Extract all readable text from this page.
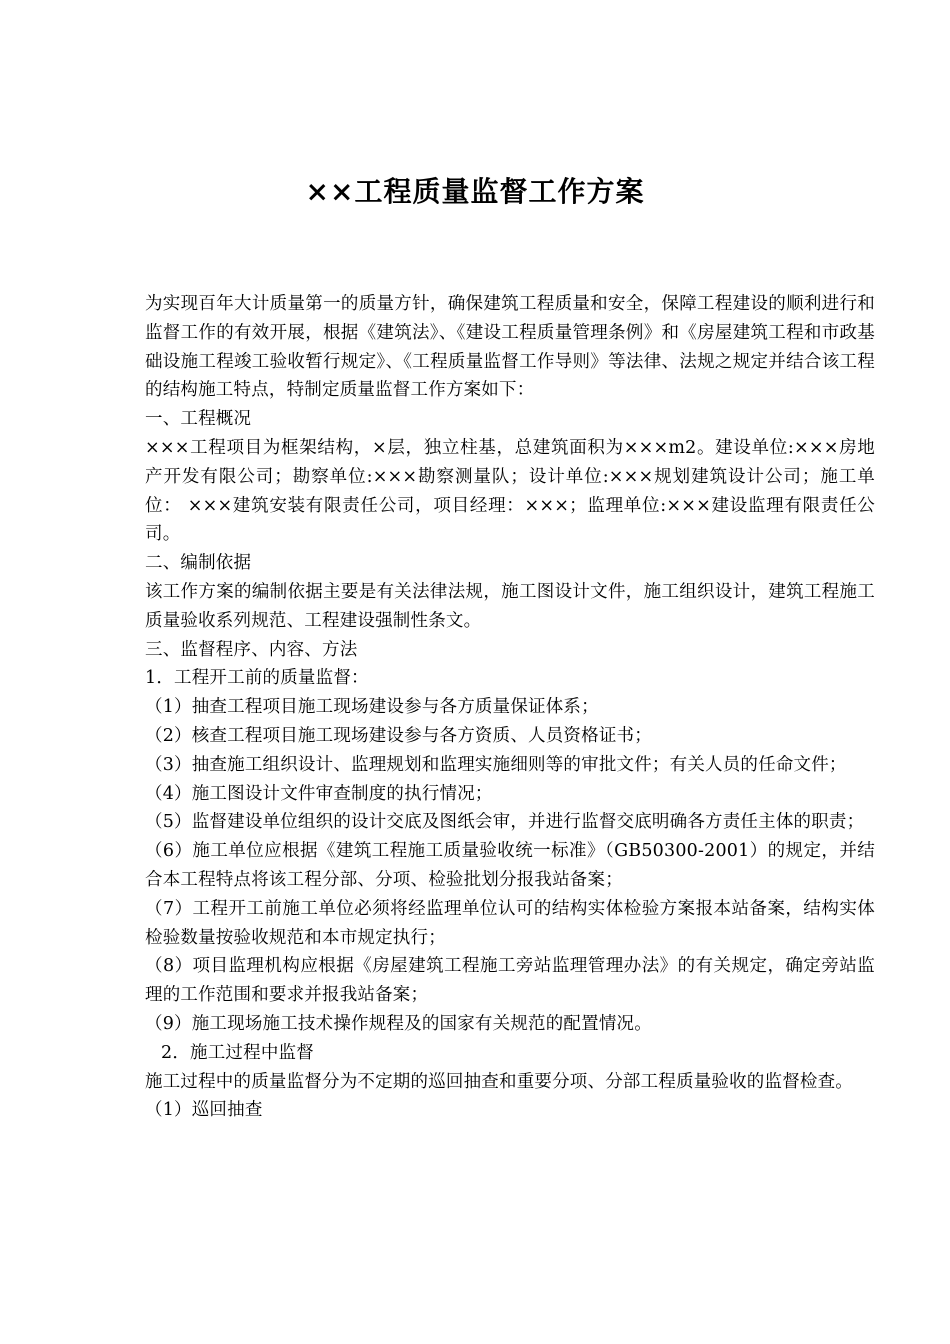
××工程质量监督工作方案

为实现百年大计质量第一的质量方针，确保建筑工程质量和安全，保障工程建设的顺利进行和监督工作的有效开展，根据《建筑法》、《建设工程质量管理条例》和《房屋建筑工程和市政基础设施工程竣工验收暂行规定》、《工程质量监督工作导则》等法律、法规之规定并结合该工程的结构施工特点，特制定质量监督工作方案如下：

一、工程概况

×××工程项目为框架结构，×层，独立柱基，总建筑面积为×××m2。建设单位:×××房地产开发有限公司；勘察单位:×××勘察测量队；设计单位:×××规划建筑设计公司；施工单位： ×××建筑安装有限责任公司，项目经理：×××；监理单位:×××建设监理有限责任公司。

二、编制依据

该工作方案的编制依据主要是有关法律法规，施工图设计文件，施工组织设计，建筑工程施工质量验收系列规范、工程建设强制性条文。

三、监督程序、内容、方法

1．工程开工前的质量监督：

（1）抽查工程项目施工现场建设参与各方质量保证体系；

（2）核查工程项目施工现场建设参与各方资质、人员资格证书；

（3）抽查施工组织设计、监理规划和监理实施细则等的审批文件；有关人员的任命文件；

（4）施工图设计文件审查制度的执行情况；

（5）监督建设单位组织的设计交底及图纸会审，并进行监督交底明确各方责任主体的职责；

（6）施工单位应根据《建筑工程施工质量验收统一标准》（GB50300-2001）的规定，并结合本工程特点将该工程分部、分项、检验批划分报我站备案；

（7）工程开工前施工单位必须将经监理单位认可的结构实体检验方案报本站备案，结构实体检验数量按验收规范和本市规定执行；

（8）项目监理机构应根据《房屋建筑工程施工旁站监理管理办法》的有关规定，确定旁站监理的工作范围和要求并报我站备案；

（9）施工现场施工技术操作规程及的国家有关规范的配置情况。

2．施工过程中监督

施工过程中的质量监督分为不定期的巡回抽查和重要分项、分部工程质量验收的监督检查。

（1）巡回抽查
